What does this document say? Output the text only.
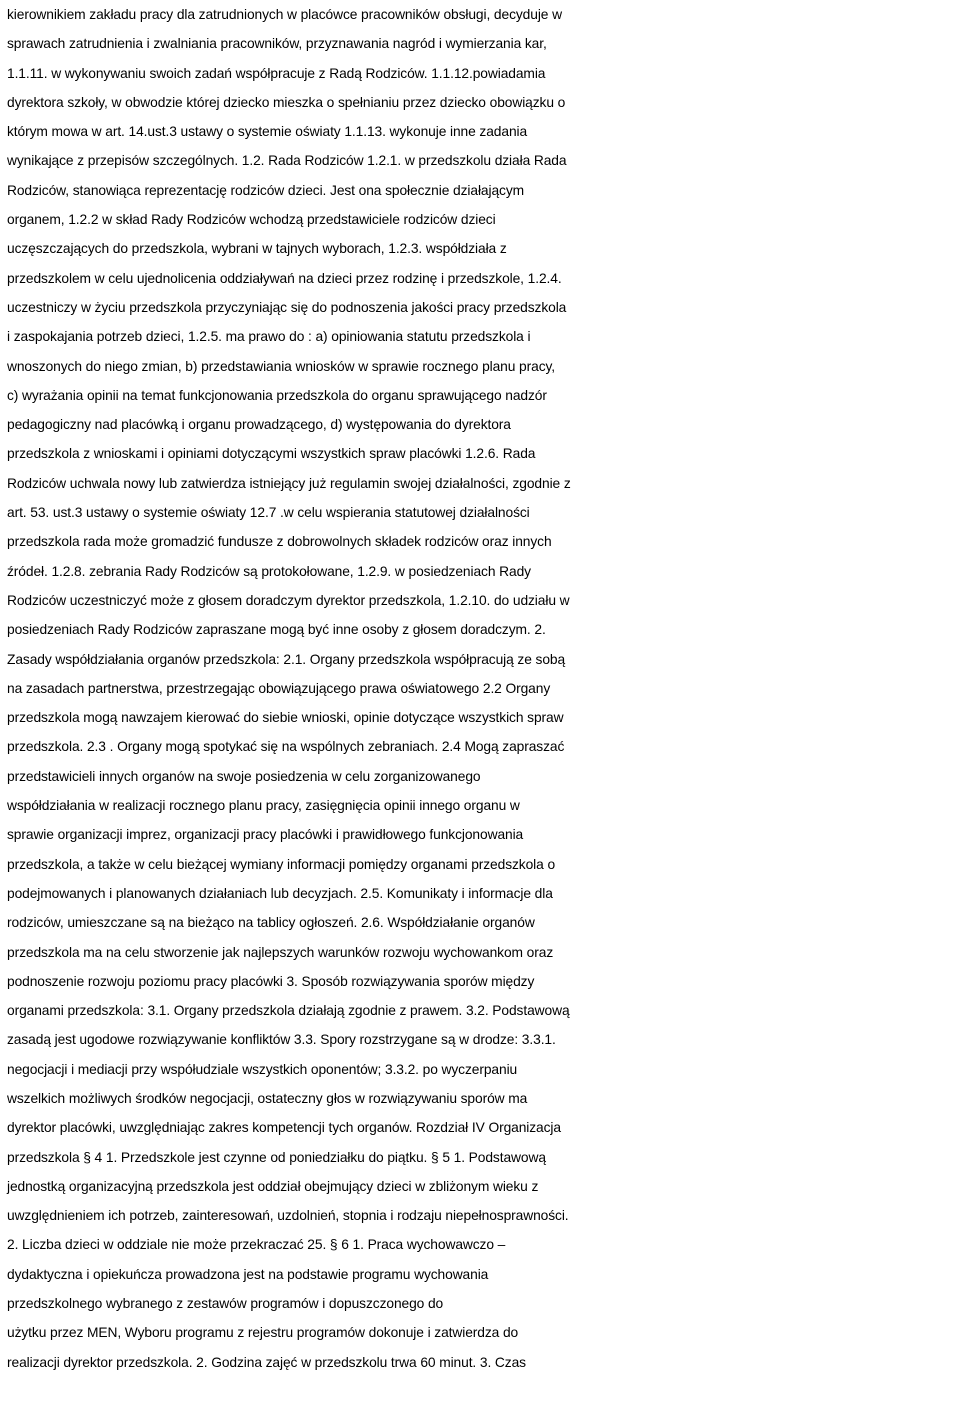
kierownikiem zakładu pracy dla zatrudnionych w placówce pracowników obsługi, decyduje w
sprawach zatrudnienia i zwalniania pracowników, przyznawania nagród i wymierzania kar,
1.1.11. w wykonywaniu swoich zadań współpracuje z Radą Rodziców. 1.1.12.powiadamia
dyrektora szkoły, w obwodzie której dziecko mieszka o spełnianiu przez dziecko obowiązku o
którym mowa w art. 14.ust.3 ustawy o systemie oświaty 1.1.13. wykonuje inne zadania
wynikające z przepisów szczególnych. 1.2. Rada Rodziców 1.2.1. w przedszkolu działa Rada
Rodziców, stanowiąca reprezentację rodziców dzieci. Jest ona społecznie działającym
organem, 1.2.2 w skład Rady Rodziców wchodzą przedstawiciele rodziców dzieci
uczęszczających do przedszkola, wybrani w tajnych wyborach, 1.2.3. współdziała z
przedszkolem w celu ujednolicenia oddziaływań na dzieci przez rodzinę i przedszkole, 1.2.4.
uczestniczy w życiu przedszkola przyczyniając się do podnoszenia jakości pracy przedszkola
i zaspokajania potrzeb dzieci, 1.2.5. ma prawo do : a) opiniowania statutu przedszkola i
wnoszonych do niego zmian, b) przedstawiania wniosków w sprawie rocznego planu pracy,
c) wyrażania opinii na temat funkcjonowania przedszkola do organu sprawującego nadzór
pedagogiczny nad placówką i organu prowadzącego, d) występowania do dyrektora
przedszkola z wnioskami i opiniami dotyczącymi wszystkich spraw placówki 1.2.6. Rada
Rodziców uchwala nowy lub zatwierdza istniejący już regulamin swojej działalności, zgodnie z
art. 53. ust.3 ustawy o systemie oświaty 12.7 .w celu wspierania statutowej działalności
przedszkola rada może gromadzić fundusze z dobrowolnych składek rodziców oraz innych
źródeł. 1.2.8. zebrania Rady Rodziców są protokołowane, 1.2.9. w posiedzeniach Rady
Rodziców uczestniczyć może z głosem doradczym dyrektor przedszkola, 1.2.10. do udziału w
posiedzeniach Rady Rodziców zapraszane mogą być inne osoby z głosem doradczym. 2.
Zasady współdziałania organów przedszkola: 2.1. Organy przedszkola współpracują ze sobą
na zasadach partnerstwa, przestrzegając obowiązującego prawa oświatowego 2.2 Organy
przedszkola mogą nawzajem kierować do siebie wnioski, opinie dotyczące wszystkich spraw
przedszkola. 2.3 . Organy mogą spotykać się na wspólnych zebraniach. 2.4 Mogą zapraszać
przedstawicieli innych organów na swoje posiedzenia w celu zorganizowanego
współdziałania w realizacji rocznego planu pracy, zasięgnięcia opinii innego organu w
sprawie organizacji imprez, organizacji pracy placówki i prawidłowego funkcjonowania
przedszkola, a także w celu bieżącej wymiany informacji pomiędzy organami przedszkola o
podejmowanych i planowanych działaniach lub decyzjach. 2.5. Komunikaty i informacje dla
rodziców, umieszczane są na bieżąco na tablicy ogłoszeń. 2.6. Współdziałanie organów
przedszkola ma na celu stworzenie jak najlepszych warunków rozwoju wychowankom oraz
podnoszenie rozwoju poziomu pracy placówki 3. Sposób rozwiązywania sporów między
organami przedszkola: 3.1. Organy przedszkola działają zgodnie z prawem. 3.2. Podstawową
zasadą jest ugodowe rozwiązywanie konfliktów 3.3. Spory rozstrzygane są w drodze: 3.3.1.
negocjacji i mediacji przy współudziale wszystkich oponentów; 3.3.2. po wyczerpaniu
wszelkich możliwych środków negocjacji, ostateczny głos w rozwiązywaniu sporów ma
dyrektor placówki, uwzględniając zakres kompetencji tych organów. Rozdział IV Organizacja
przedszkola § 4 1. Przedszkole jest czynne od poniedziałku do piątku. § 5 1. Podstawową
jednostką organizacyjną przedszkola jest oddział obejmujący dzieci w zbliżonym wieku z
uwzględnieniem ich potrzeb, zainteresowań, uzdolnień, stopnia i rodzaju niepełnosprawności.
2. Liczba dzieci w oddziale nie może przekraczać 25. § 6 1. Praca wychowawczo –
dydaktyczna i opiekuńcza prowadzona jest na podstawie programu wychowania
przedszkolnego wybranego z zestawów programów i dopuszczonego do
użytku przez MEN, Wyboru programu z rejestru programów dokonuje i zatwierdza do
realizacji dyrektor przedszkola. 2. Godzina zajęć w przedszkolu trwa 60 minut. 3. Czas
